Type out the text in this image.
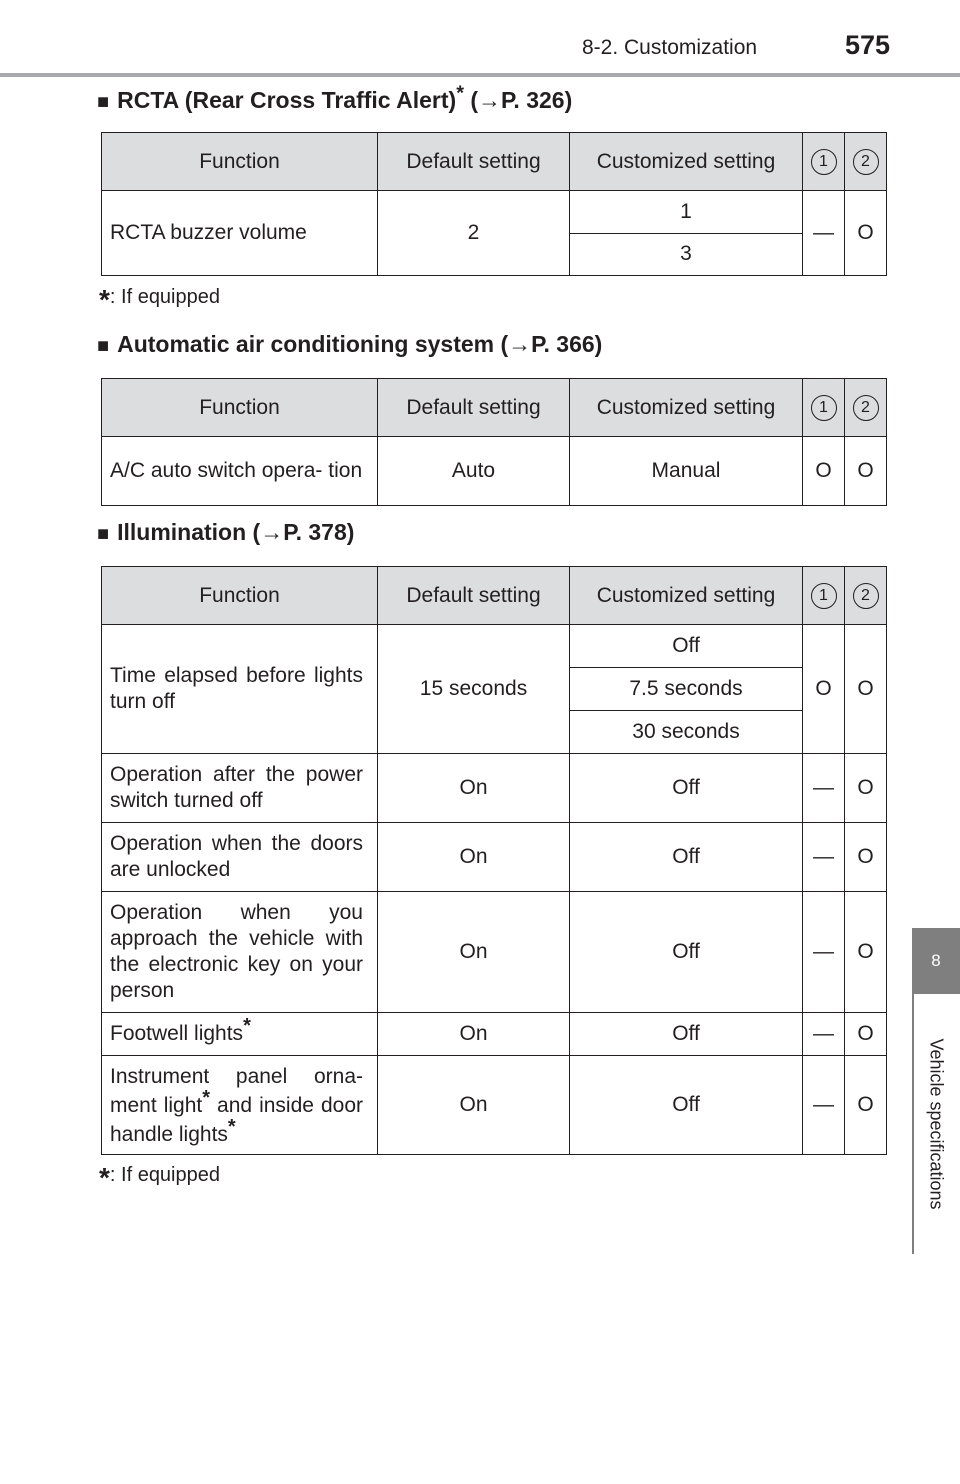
8-2. Customization	575
8
Vehicle specifications
■ RCTA (Rear Cross Traffic Alert)* (→P. 326)
Function	Default setting	Customized setting	1	2
RCTA buzzer volume	2	1	—	O
		3		
*: If equipped
■ Automatic air conditioning system (→P. 366)
Function	Default setting	Customized setting	1	2
A/C auto switch opera- tion	Auto	Manual	O	O
■ Illumination (→P. 378)
Function	Default setting	Customized setting	1	2
Time elapsed before lights turn off	15 seconds	Off	O	O
		7.5 seconds		
		30 seconds		
Operation after the power switch turned off	On	Off	—	O
Operation when the doors are unlocked	On	Off	—	O
Operation when you approach the vehicle with the electronic key on your person	On	Off	—	O
Footwell lights*	On	Off	—	O
Instrument panel orna- ment light* and inside door handle lights*	On	Off	—	O
*: If equipped
